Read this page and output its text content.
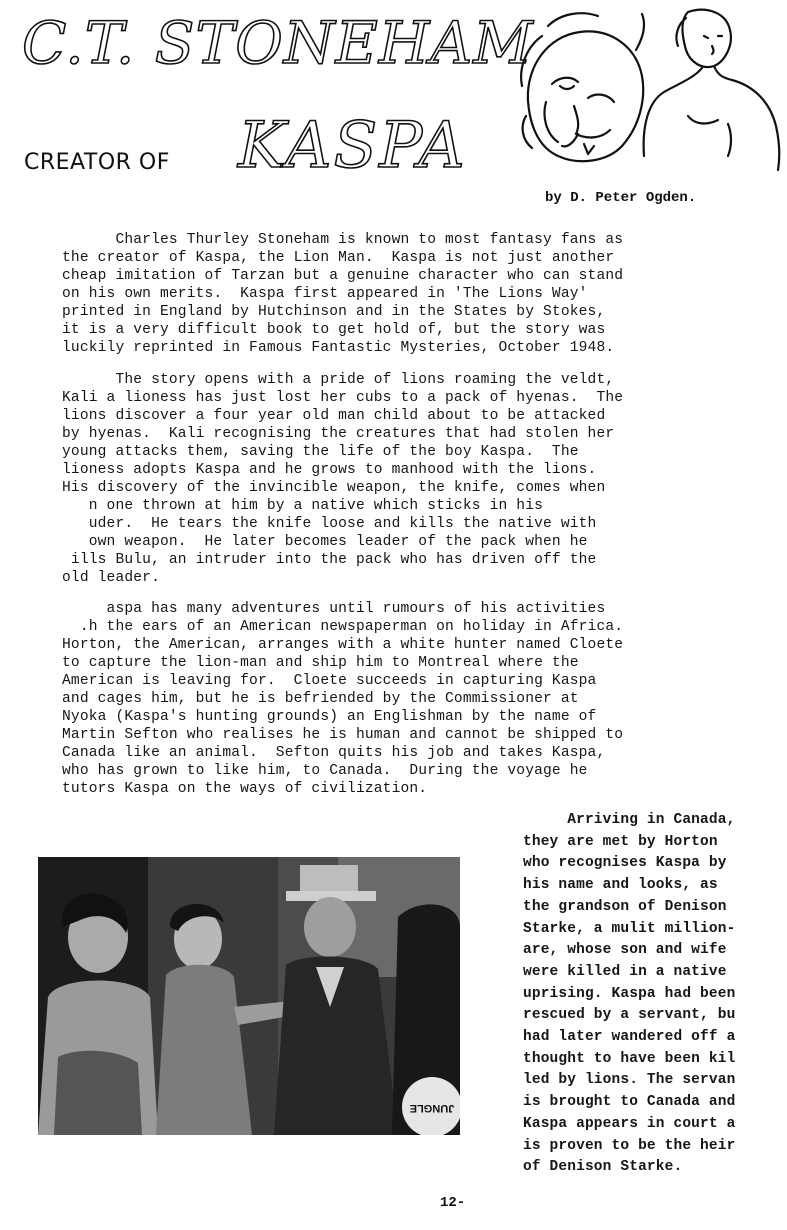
C.T. STONEHAM
KASPA
CREATOR OF
by D. Peter Ogden.

Charles Thurley Stoneham is known to most fantasy fans as
the creator of Kaspa, the Lion Man.  Kaspa is not just another
cheap imitation of Tarzan but a genuine character who can stand
on his own merits.  Kaspa first appeared in 'The Lions Way'
printed in England by Hutchinson and in the States by Stokes,
it is a very difficult book to get hold of, but the story was
luckily reprinted in Famous Fantastic Mysteries, October 1948.

The story opens with a pride of lions roaming the veldt,
Kali a lioness has just lost her cubs to a pack of hyenas.  The
lions discover a four year old man child about to be attacked
by hyenas.  Kali recognising the creatures that had stolen her
young attacks them, saving the life of the boy Kaspa.  The
lioness adopts Kaspa and he grows to manhood with the lions.
His discovery of the invincible weapon, the knife, comes when
n one thrown at him by a native which sticks in his
uder.  He tears the knife loose and kills the native with
own weapon.  He later becomes leader of the pack when he
ills Bulu, an intruder into the pack who has driven off the
old leader.

aspa has many adventures until rumours of his activities
.h the ears of an American newspaperman on holiday in Africa.
Horton, the American, arranges with a white hunter named Cloete
to capture the lion-man and ship him to Montreal where the
American is leaving for.  Cloete succeeds in capturing Kaspa
and cages him, but he is befriended by the Commissioner at
Nyoka (Kaspa's hunting grounds) an Englishman by the name of
Martin Sefton who realises he is human and cannot be shipped to
Canada like an animal.  Sefton quits his job and takes Kaspa,
who has grown to like him, to Canada.  During the voyage he
tutors Kaspa on the ways of civilization.

Arriving in Canada,
they are met by Horton
who recognises Kaspa by
his name and looks, as
the grandson of Denison
Starke, a mulit million-
are, whose son and wife
were killed in a native
uprising. Kaspa had been
rescued by a servant, bu
had later wandered off a
thought to have been kil
led by lions. The servan
is brought to Canada and
Kaspa appears in court a
is proven to be the heir
of Denison Starke.

JUNGLE
12-
